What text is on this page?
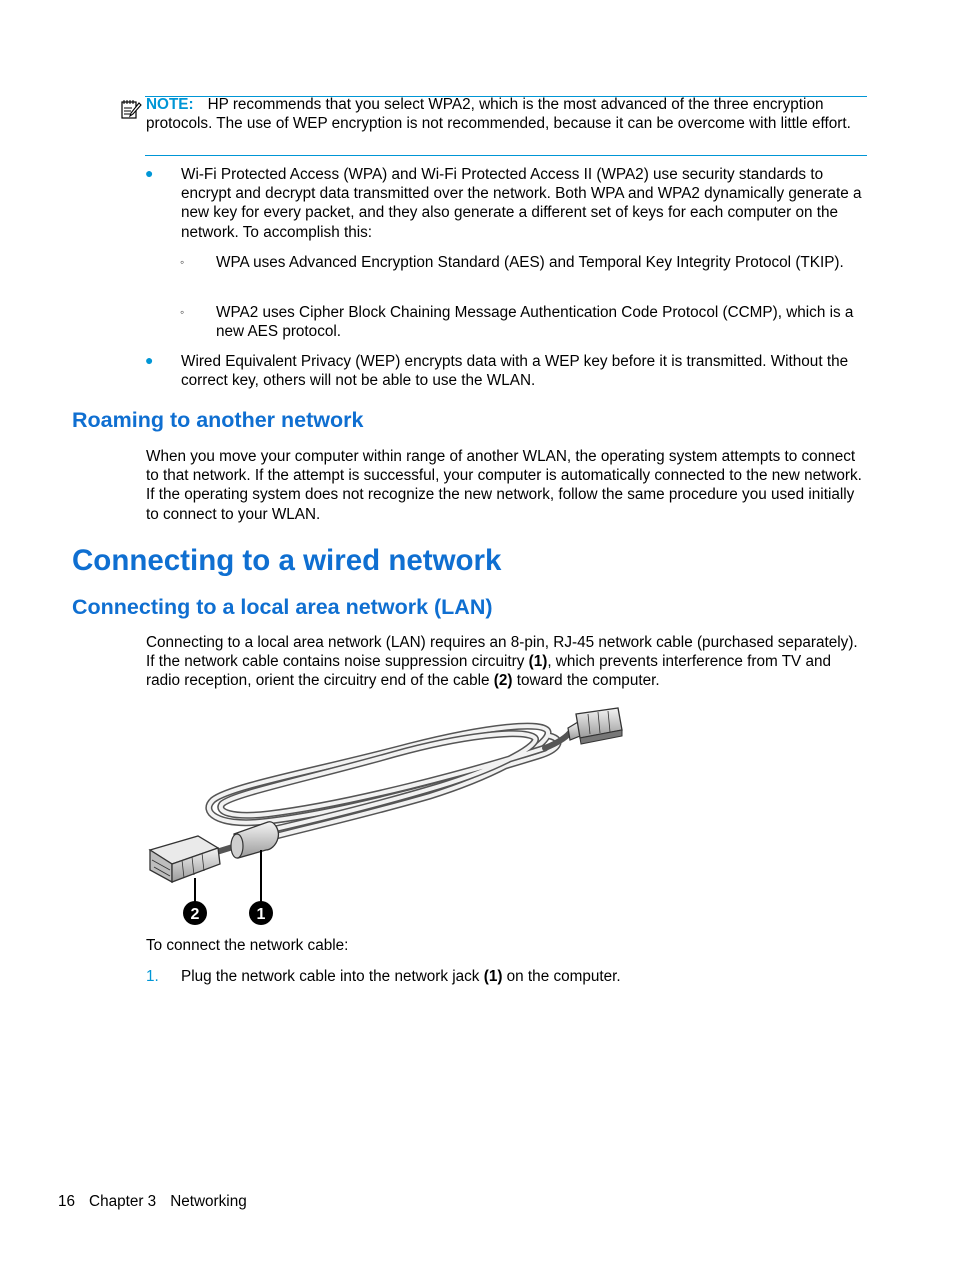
NOTE: HP recommends that you select WPA2, which is the most advanced of the three encryption protocols. The use of WEP encryption is not recommended, because it can be overcome with little effort.
● Wi-Fi Protected Access (WPA) and Wi-Fi Protected Access II (WPA2) use security standards to encrypt and decrypt data transmitted over the network. Both WPA and WPA2 dynamically generate a new key for every packet, and they also generate a different set of keys for each computer on the network. To accomplish this:
◦ WPA uses Advanced Encryption Standard (AES) and Temporal Key Integrity Protocol (TKIP).
◦ WPA2 uses Cipher Block Chaining Message Authentication Code Protocol (CCMP), which is a new AES protocol.
● Wired Equivalent Privacy (WEP) encrypts data with a WEP key before it is transmitted. Without the correct key, others will not be able to use the WLAN.
Roaming to another network
When you move your computer within range of another WLAN, the operating system attempts to connect to that network. If the attempt is successful, your computer is automatically connected to the new network. If the operating system does not recognize the new network, follow the same procedure you used initially to connect to your WLAN.
Connecting to a wired network
Connecting to a local area network (LAN)
Connecting to a local area network (LAN) requires an 8-pin, RJ-45 network cable (purchased separately). If the network cable contains noise suppression circuitry (1), which prevents interference from TV and radio reception, orient the circuitry end of the cable (2) toward the computer.
2	1
To connect the network cable:
1. Plug the network cable into the network jack (1) on the computer.
16 Chapter 3 Networking
